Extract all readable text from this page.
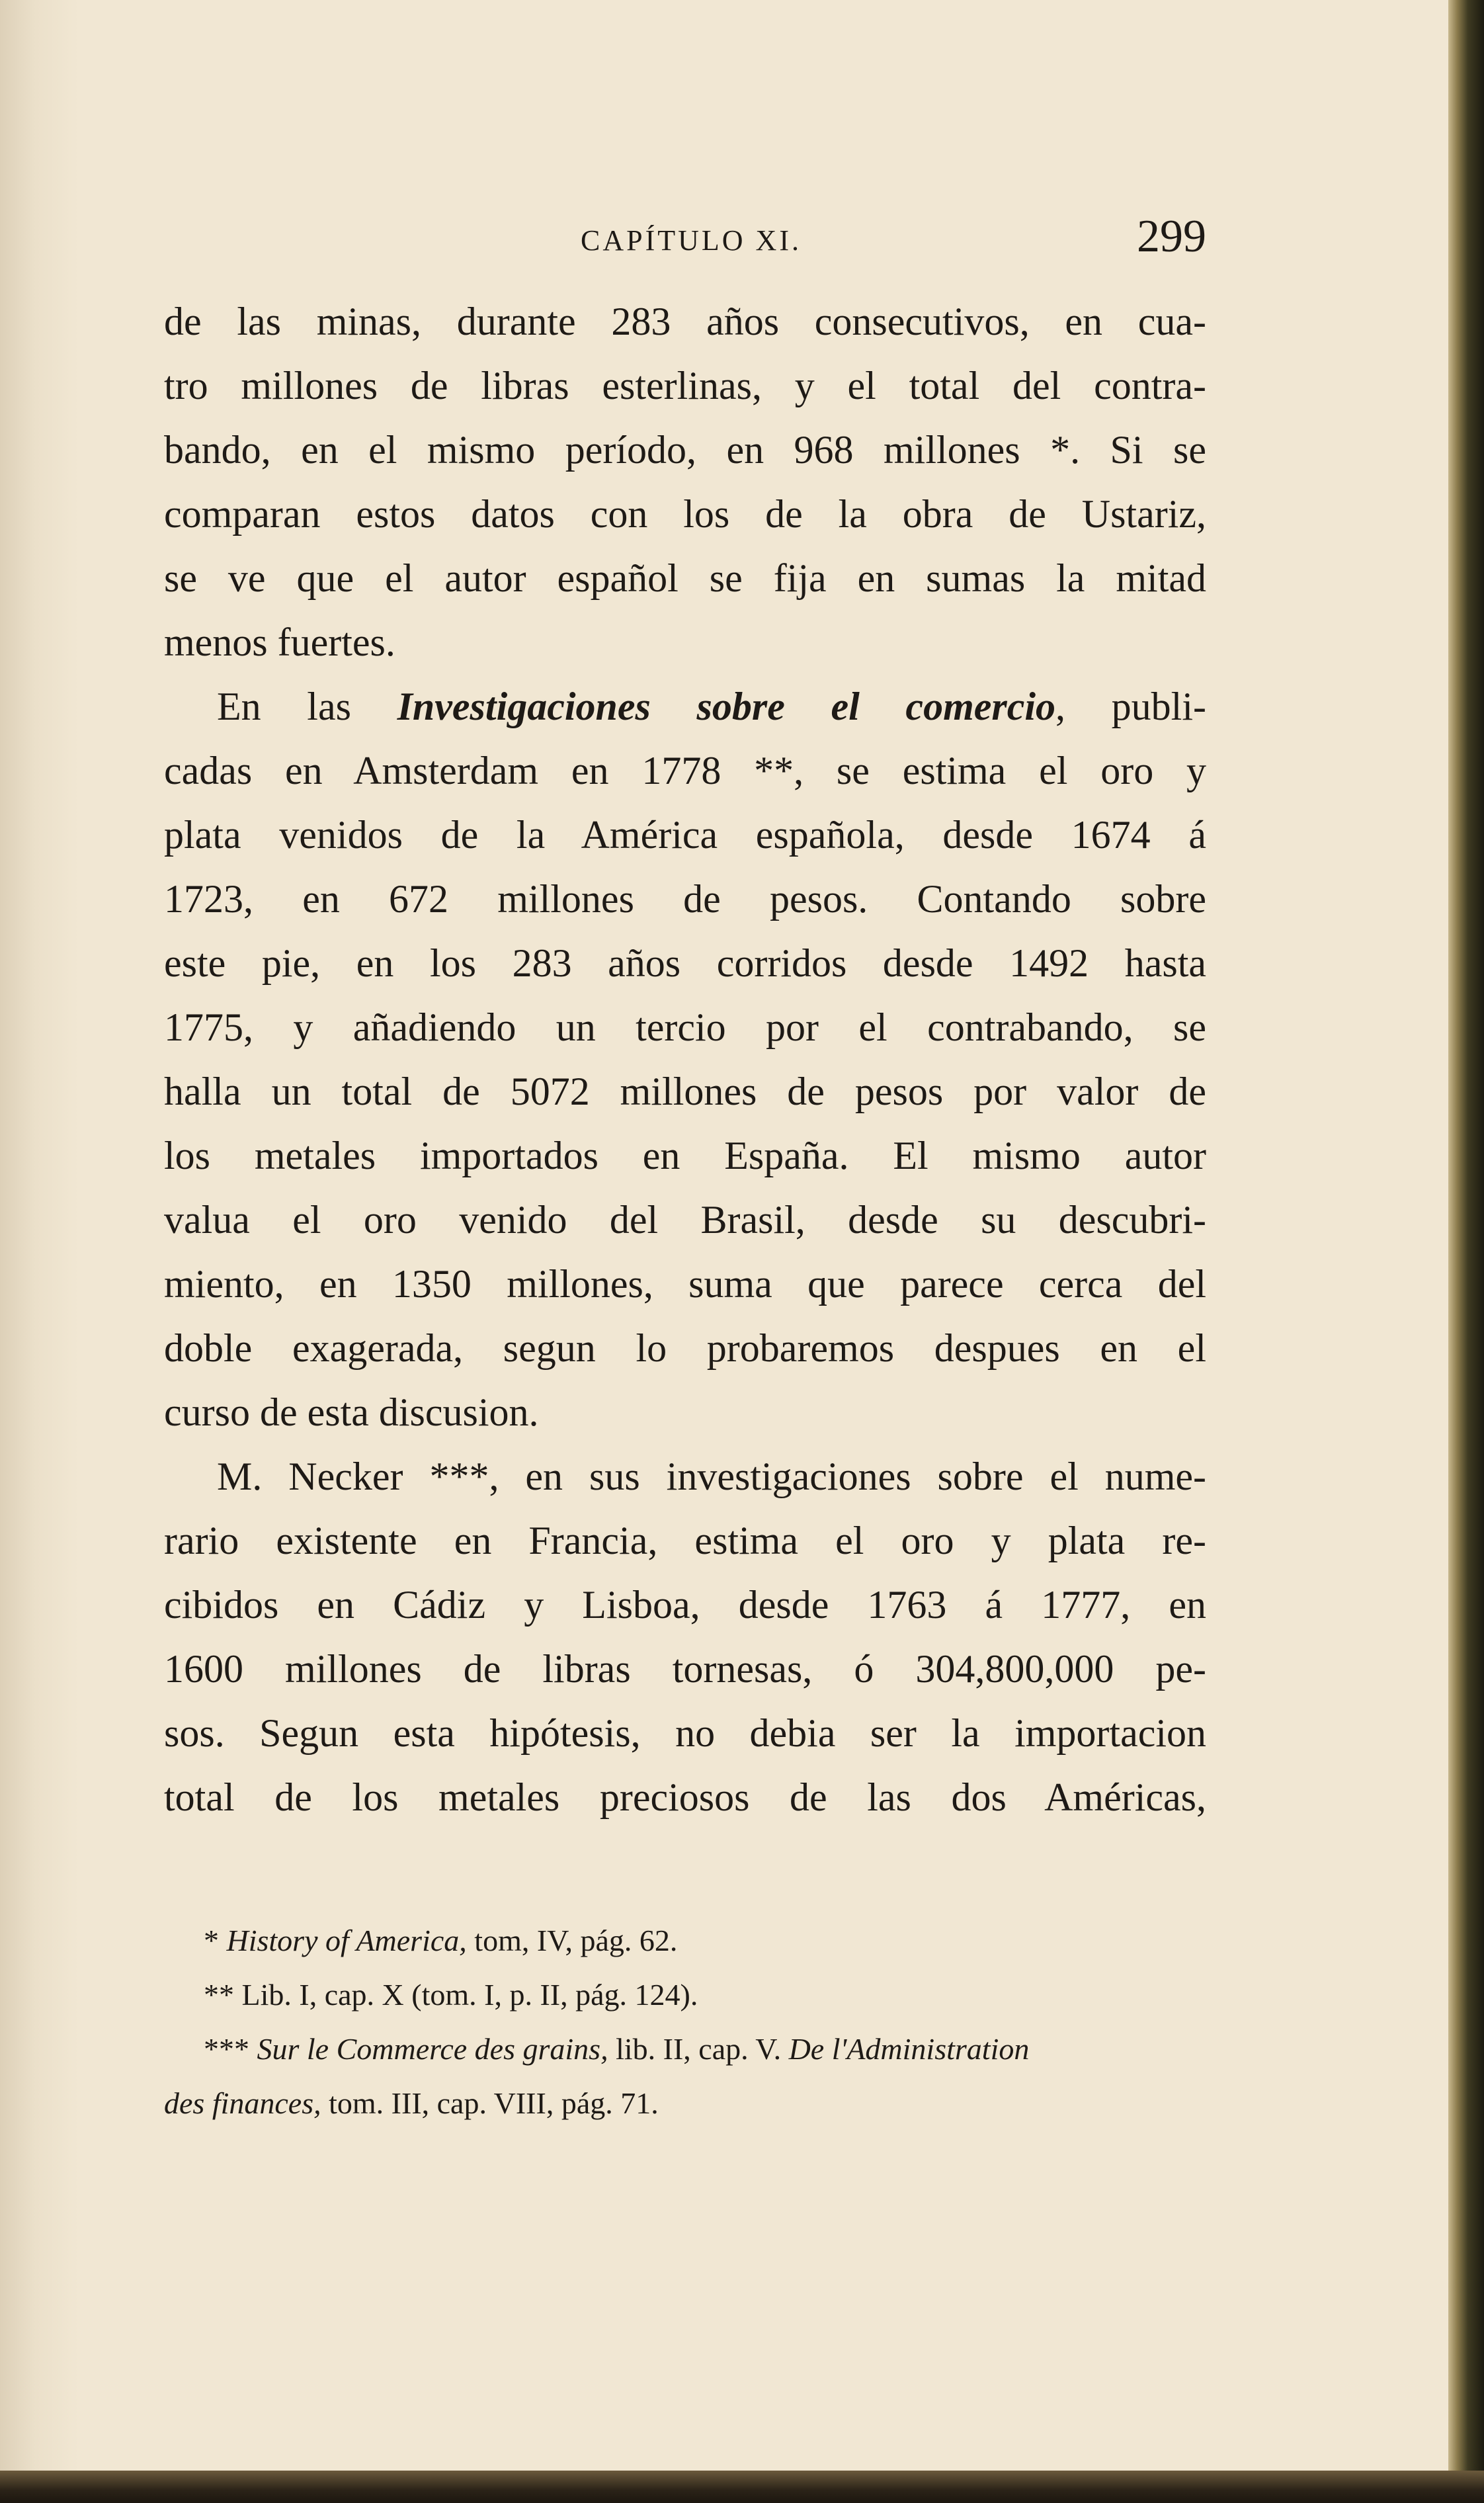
CAPÍTULO XI.	299
de las minas, durante 283 años consecutivos, en cua-
tro millones de libras esterlinas, y el total del contra-
bando, en el mismo período, en 968 millones *. Si se
comparan estos datos con los de la obra de Ustariz,
se ve que el autor español se fija en sumas la mitad
menos fuertes.
En las Investigaciones sobre el comercio, publi-
cadas en Amsterdam en 1778 **, se estima el oro y
plata venidos de la América española, desde 1674 á
1723, en 672 millones de pesos. Contando sobre
este pie, en los 283 años corridos desde 1492 hasta
1775, y añadiendo un tercio por el contrabando, se
halla un total de 5072 millones de pesos por valor de
los metales importados en España. El mismo autor
valua el oro venido del Brasil, desde su descubri-
miento, en 1350 millones, suma que parece cerca del
doble exagerada, segun lo probaremos despues en el
curso de esta discusion.
M. Necker ***, en sus investigaciones sobre el nume-
rario existente en Francia, estima el oro y plata re-
cibidos en Cádiz y Lisboa, desde 1763 á 1777, en
1600 millones de libras tornesas, ó 304,800,000 pe-
sos. Segun esta hipótesis, no debia ser la importacion
total de los metales preciosos de las dos Américas,
* History of America, tom, IV, pág. 62.
** Lib. I, cap. X (tom. I, p. II, pág. 124).
*** Sur le Commerce des grains, lib. II, cap. V. De l'Administration
des finances, tom. III, cap. VIII, pág. 71.
